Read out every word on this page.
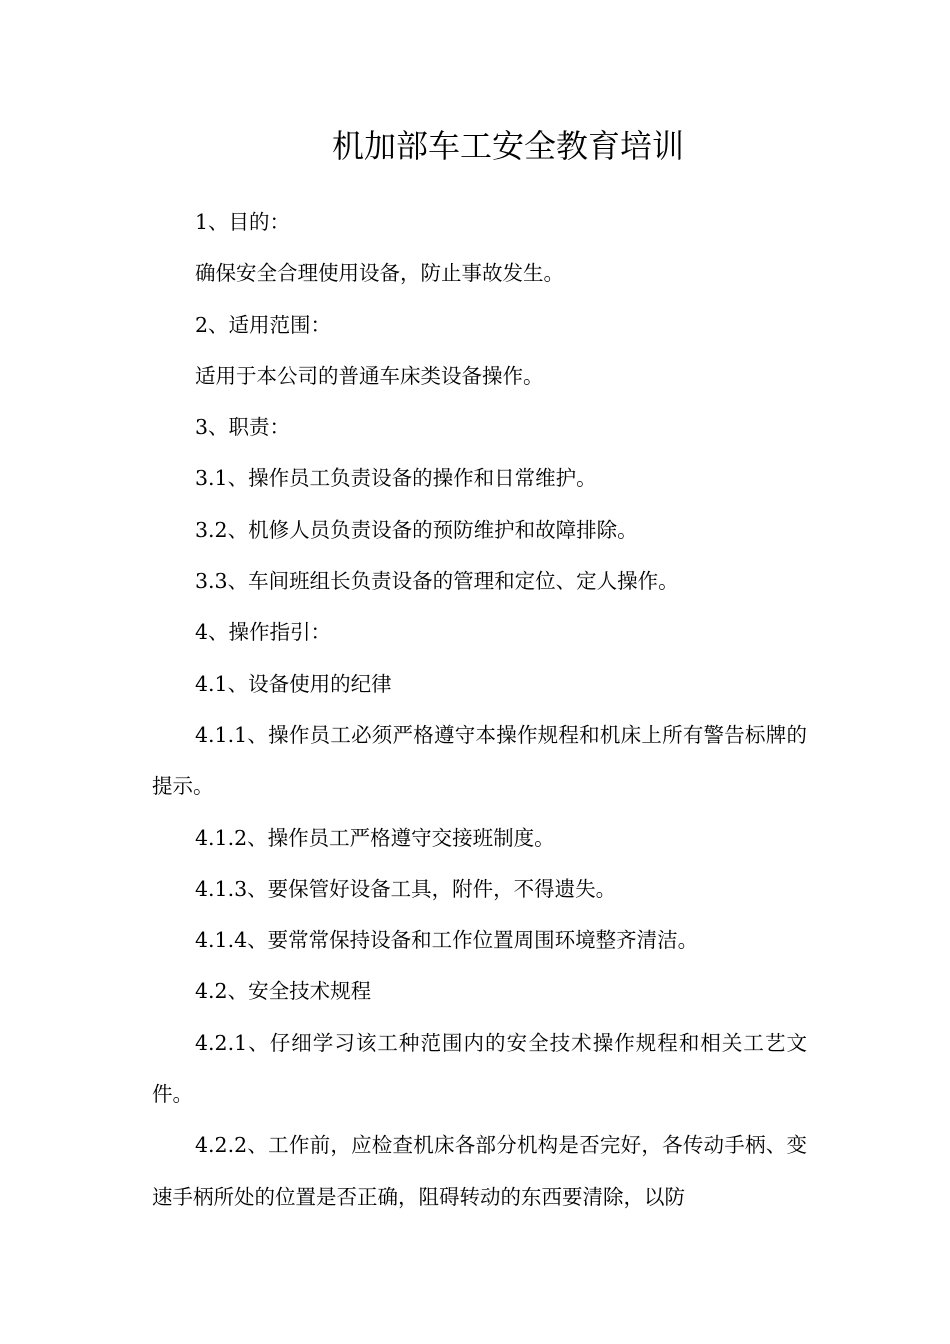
机加部车工安全教育培训

1、目的：

确保安全合理使用设备，防止事故发生。

2、适用范围：

适用于本公司的普通车床类设备操作。

3、职责：

3.1、操作员工负责设备的操作和日常维护。

3.2、机修人员负责设备的预防维护和故障排除。

3.3、车间班组长负责设备的管理和定位、定人操作。

4、操作指引：

4.1、设备使用的纪律

4.1.1、操作员工必须严格遵守本操作规程和机床上所有警告标牌的提示。

4.1.2、操作员工严格遵守交接班制度。

4.1.3、要保管好设备工具，附件，不得遗失。

4.1.4、要常常保持设备和工作位置周围环境整齐清洁。

4.2、安全技术规程

4.2.1、仔细学习该工种范围内的安全技术操作规程和相关工艺文件。

4.2.2、工作前，应检查机床各部分机构是否完好，各传动手柄、变速手柄所处的位置是否正确，阻碍转动的东西要清除，以防
